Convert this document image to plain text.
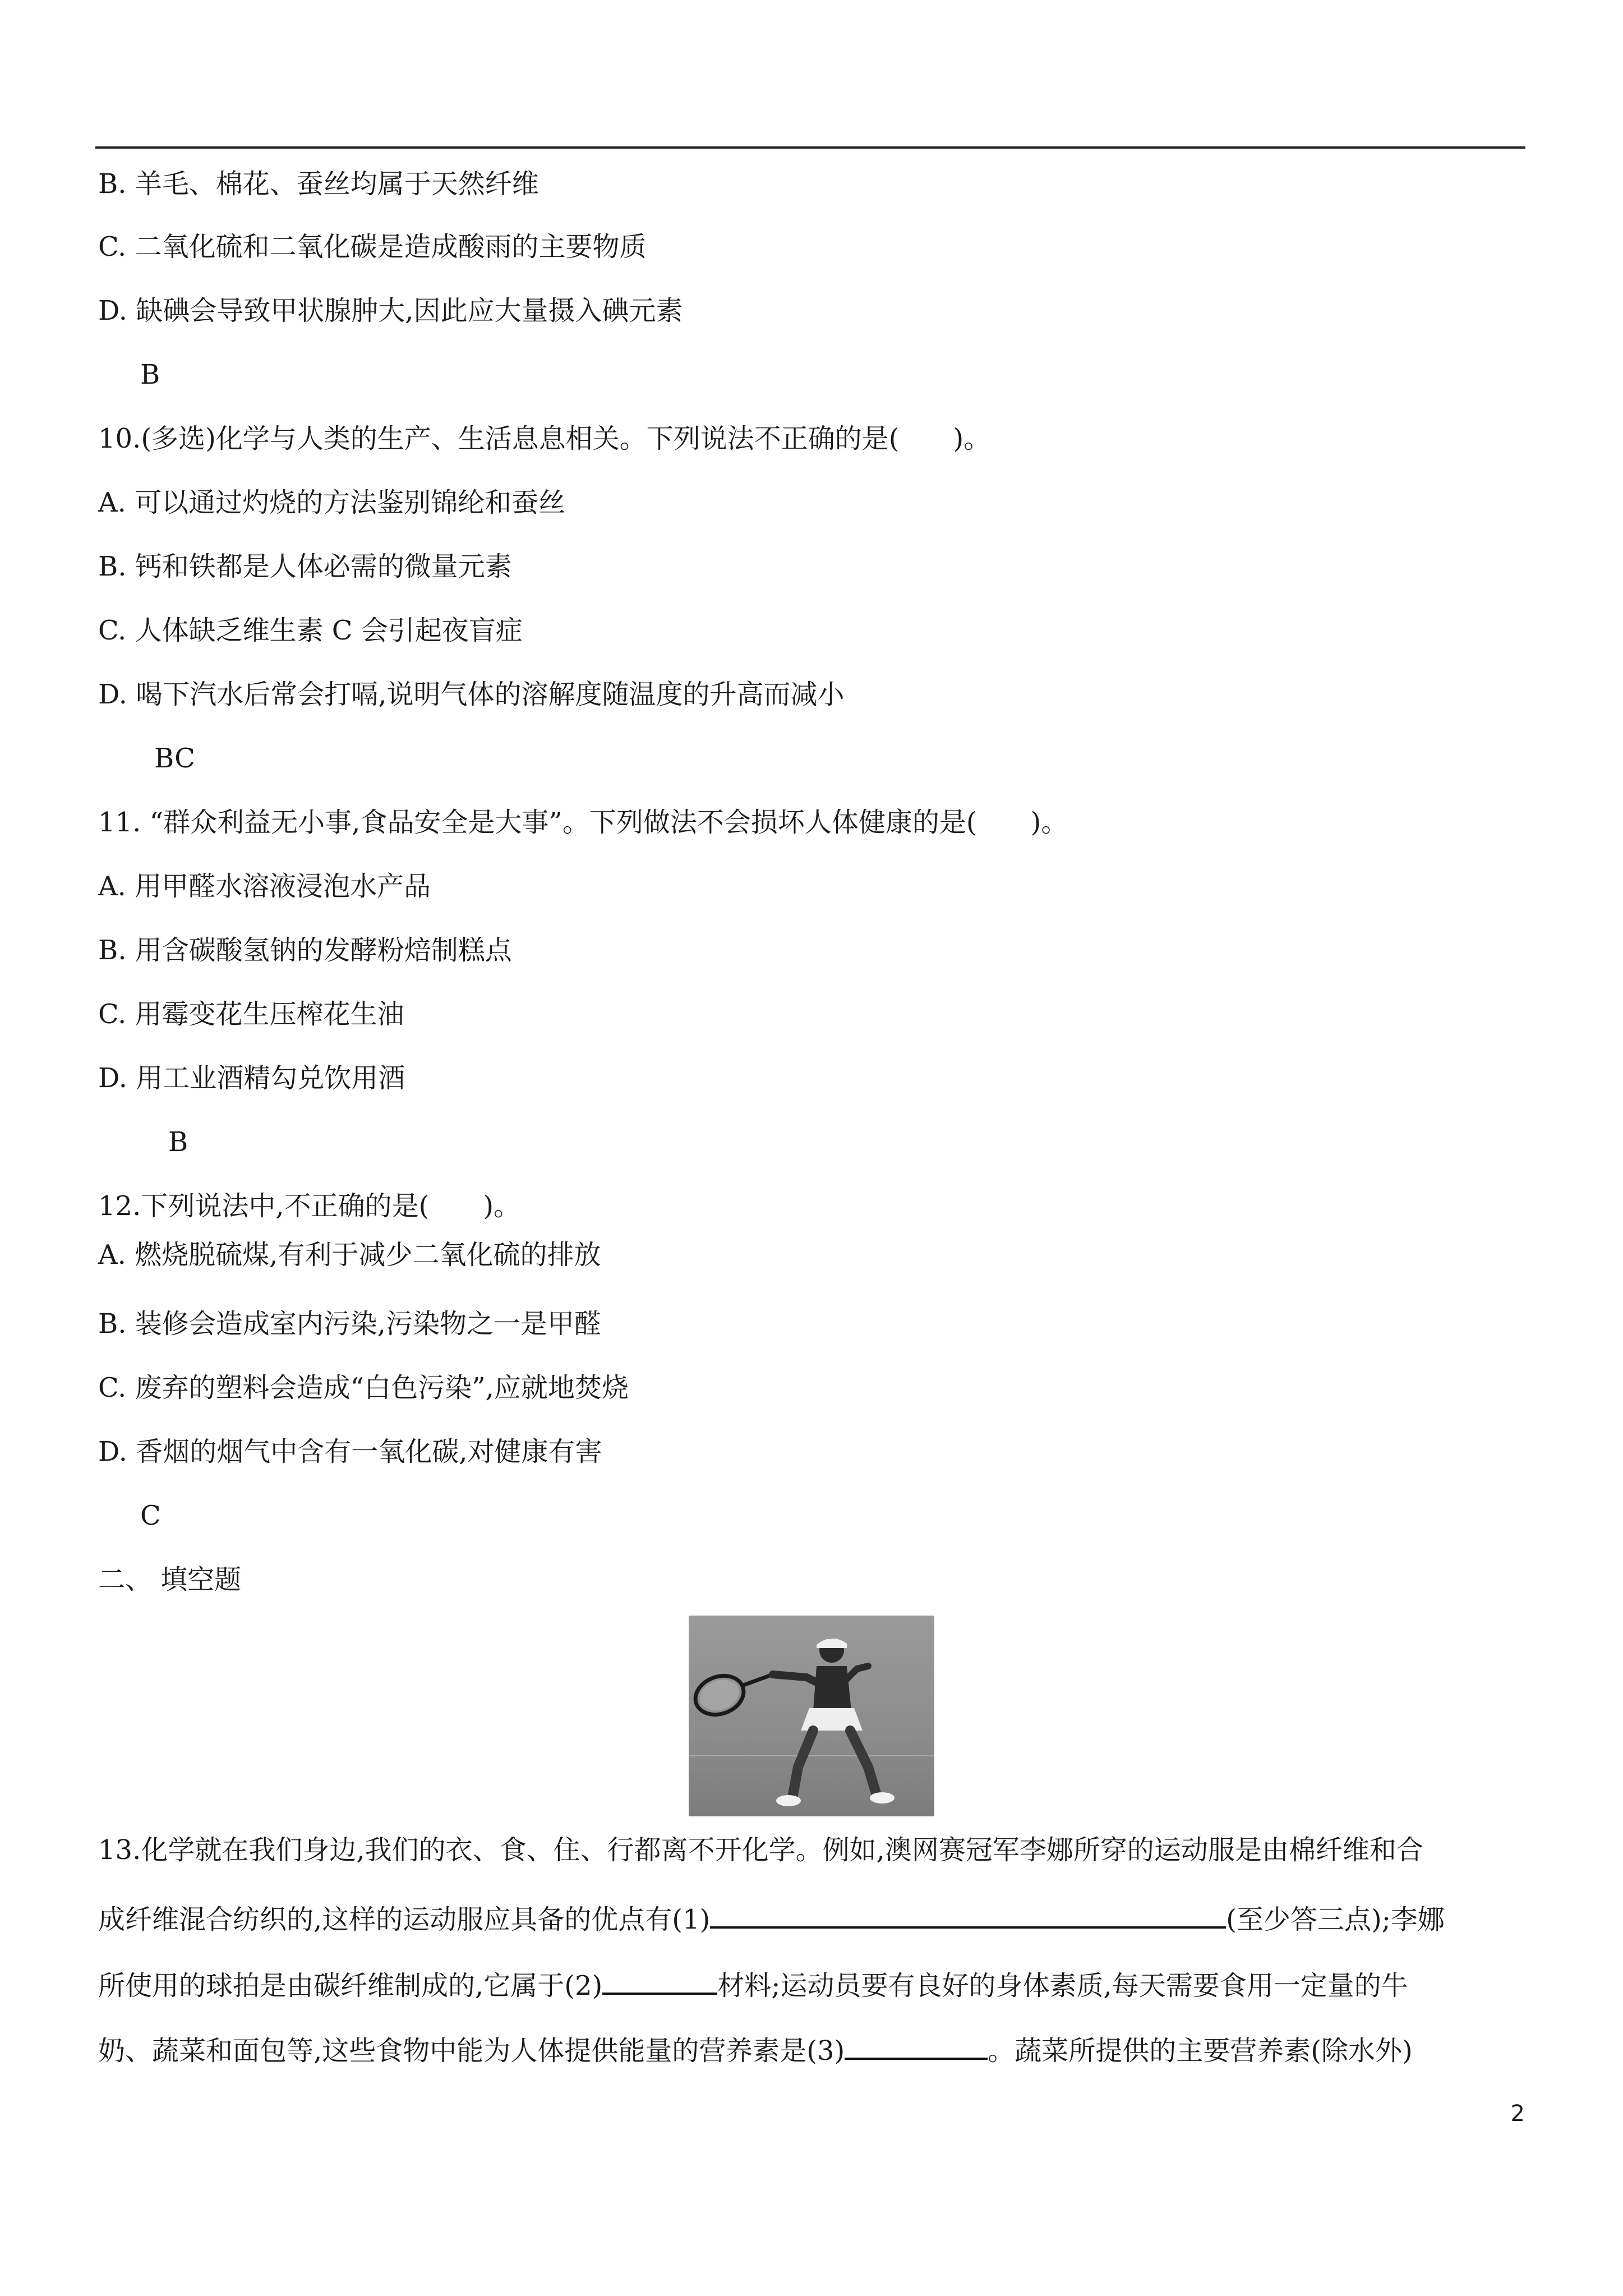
B. 羊毛、棉花、蚕丝均属于天然纤维
C. 二氧化硫和二氧化碳是造成酸雨的主要物质
D. 缺碘会导致甲状腺肿大,因此应大量摄入碘元素
B
10.(多选)化学与人类的生产、生活息息相关。下列说法不正确的是(　　)。
A. 可以通过灼烧的方法鉴别锦纶和蚕丝
B. 钙和铁都是人体必需的微量元素
C. 人体缺乏维生素 C 会引起夜盲症
D. 喝下汽水后常会打嗝,说明气体的溶解度随温度的升高而减小
BC
11. “群众利益无小事,食品安全是大事”。下列做法不会损坏人体健康的是(　　)。
A. 用甲醛水溶液浸泡水产品
B. 用含碳酸氢钠的发酵粉焙制糕点
C. 用霉变花生压榨花生油
D. 用工业酒精勾兑饮用酒
B
12.下列说法中,不正确的是(　　)。
A. 燃烧脱硫煤,有利于减少二氧化硫的排放
B. 装修会造成室内污染,污染物之一是甲醛
C. 废弃的塑料会造成“白色污染”,应就地焚烧
D. 香烟的烟气中含有一氧化碳,对健康有害
C
二、 填空题
13.化学就在我们身边,我们的衣、食、住、行都离不开化学。例如,澳网赛冠军李娜所穿的运动服是由棉纤维和合
成纤维混合纺织的,这样的运动服应具备的优点有(1)	(至少答三点);李娜
所使用的球拍是由碳纤维制成的,它属于(2)	材料;运动员要有良好的身体素质,每天需要食用一定量的牛
奶、蔬菜和面包等,这些食物中能为人体提供能量的营养素是(3)	。蔬菜所提供的主要营养素(除水外)
2
